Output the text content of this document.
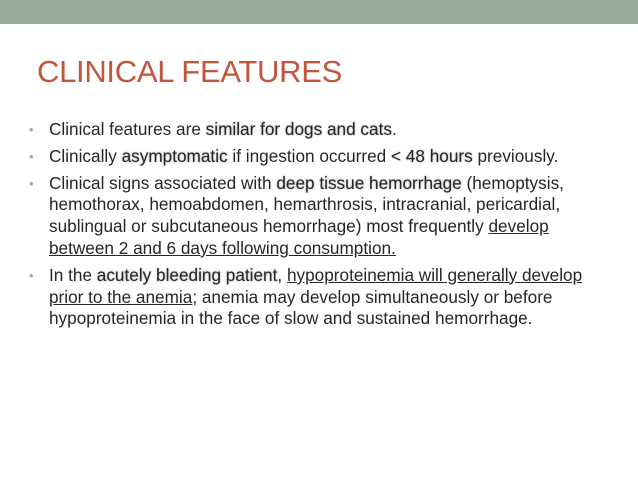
CLINICAL FEATURES
• Clinical features are similar for dogs and cats.
• Clinically asymptomatic if ingestion occurred < 48 hours previously.
• Clinical signs associated with deep tissue hemorrhage (hemoptysis, hemothorax, hemoabdomen, hemarthrosis, intracranial, pericardial, sublingual or subcutaneous hemorrhage) most frequently develop between 2 and 6 days following consumption.
• In the acutely bleeding patient, hypoproteinemia will generally develop prior to the anemia; anemia may develop simultaneously or before hypoproteinemia in the face of slow and sustained hemorrhage.
